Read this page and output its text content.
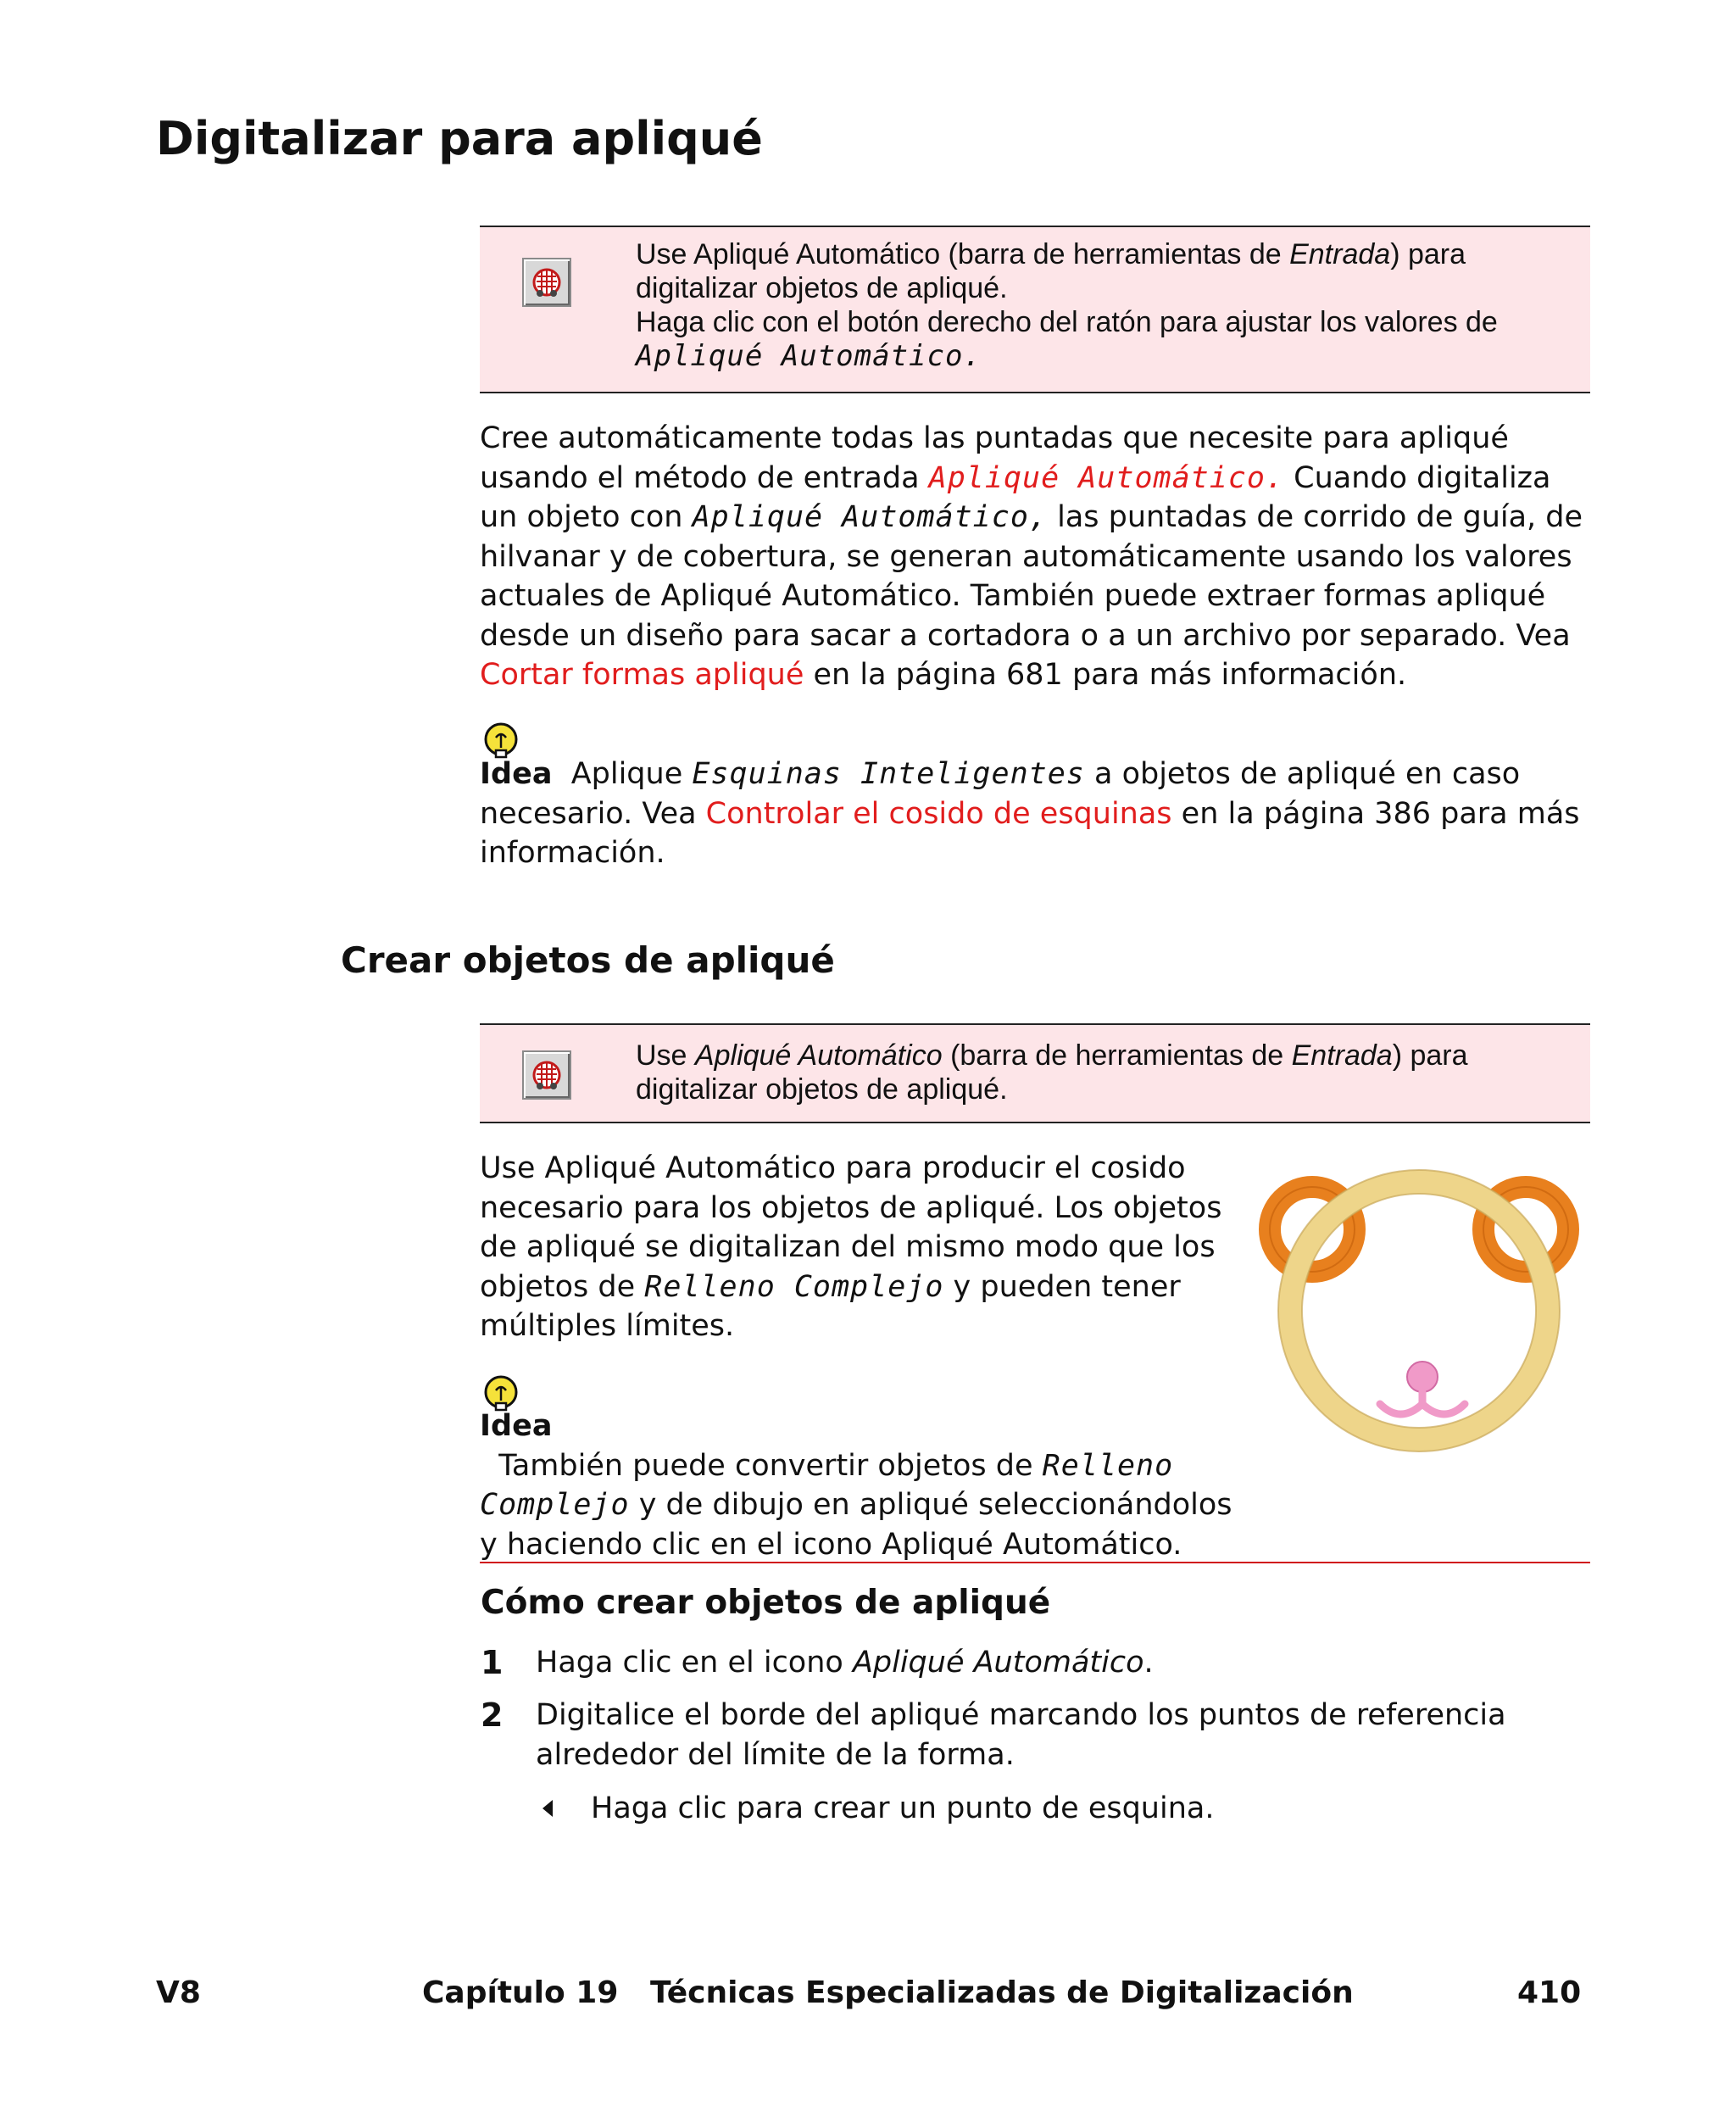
Digitalizar para apliqué

Use Apliqué Automático (barra de herramientas de Entrada) para digitalizar objetos de apliqué.

Haga clic con el botón derecho del ratón para ajustar los valores de Apliqué Automático.

Cree automáticamente todas las puntadas que necesite para apliqué usando el método de entrada Apliqué Automático. Cuando digitaliza un objeto con Apliqué Automático, las puntadas de corrido de guía, de hilvanar y de cobertura, se generan automáticamente usando los valores actuales de Apliqué Automático. También puede extraer formas apliqué desde un diseño para sacar a cortadora o a un archivo por separado. Vea Cortar formas apliqué en la página 681 para más información.

Idea  Aplique Esquinas Inteligentes a objetos de apliqué en caso necesario. Vea Controlar el cosido de esquinas en la página 386 para más información.

Crear objetos de apliqué

Use Apliqué Automático (barra de herramientas de Entrada) para digitalizar objetos de apliqué.

Use Apliqué Automático para producir el cosido necesario para los objetos de apliqué. Los objetos de apliqué se digitalizan del mismo modo que los objetos de Relleno Complejo y pueden tener múltiples límites.

Idea  También puede convertir objetos de Relleno Complejo y de dibujo en apliqué seleccionándolos y haciendo clic en el icono Apliqué Automático.

Cómo crear objetos de apliqué
1 Haga clic en el icono Apliqué Automático.
2 Digitalice el borde del apliqué marcando los puntos de referencia alrededor del límite de la forma.
Haga clic para crear un punto de esquina.
V8	Capítulo 19   Técnicas Especializadas de Digitalización	410
